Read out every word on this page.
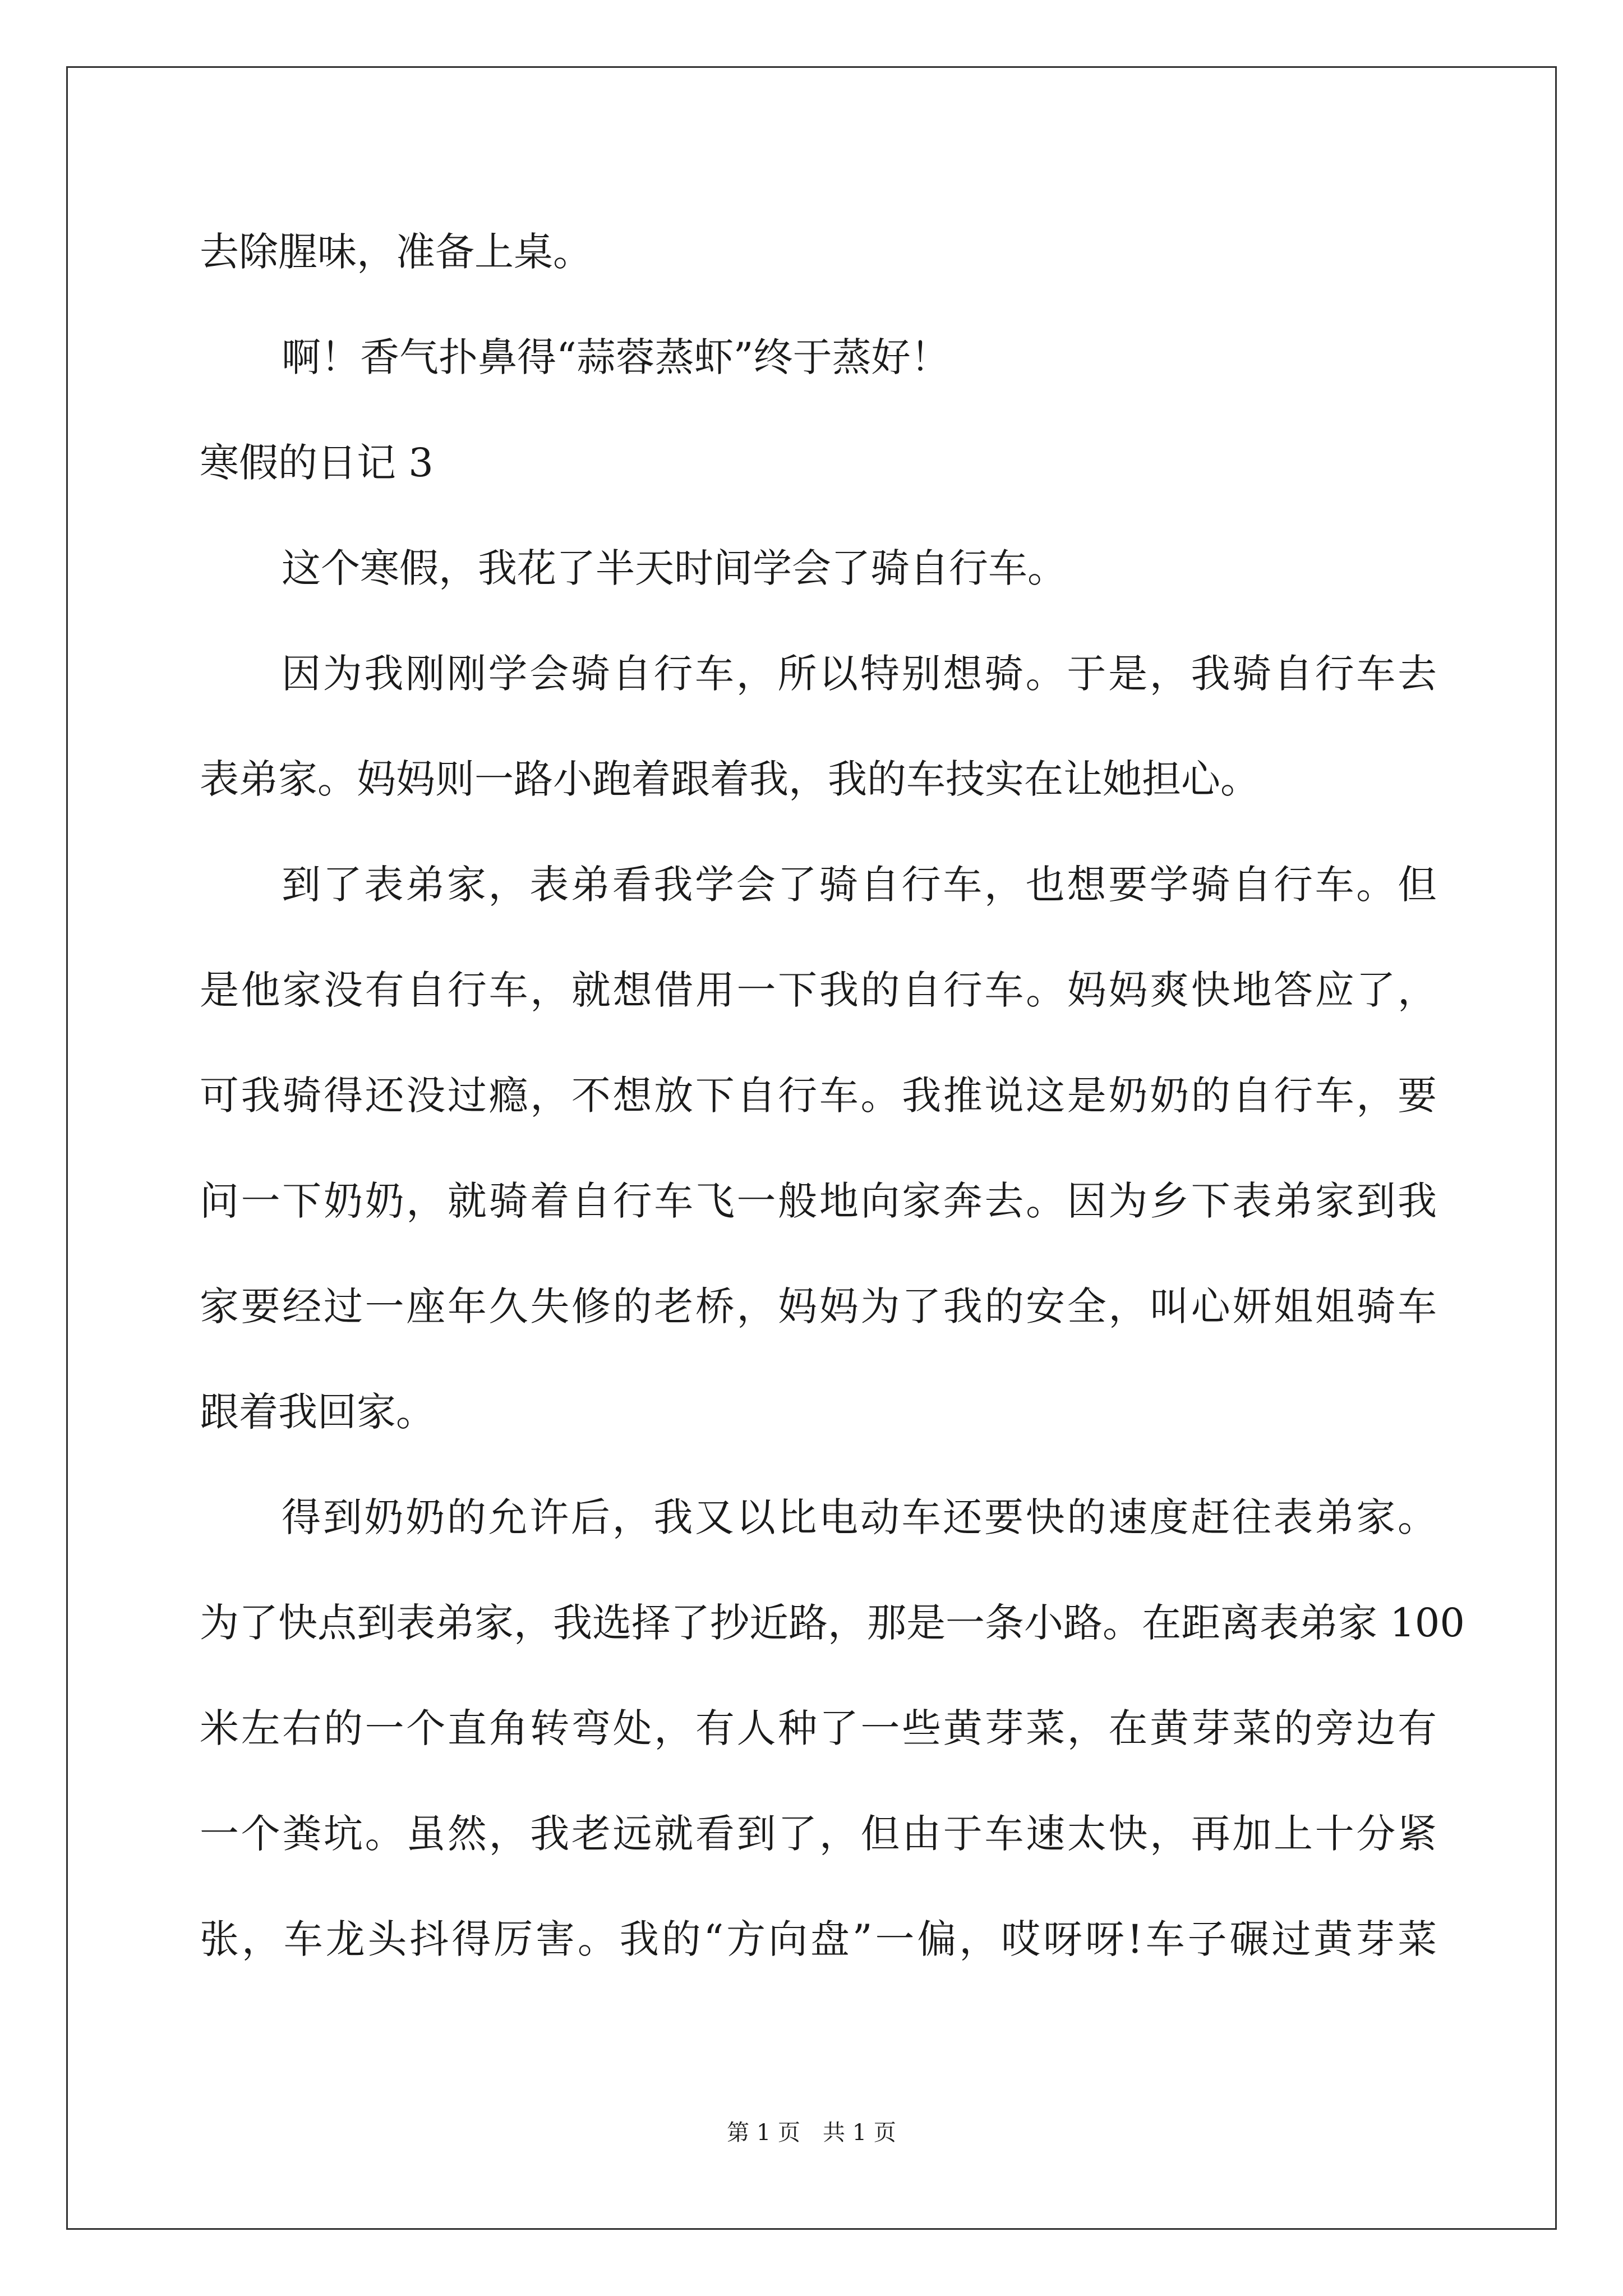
去除腥味，准备上桌。
啊！香气扑鼻得“蒜蓉蒸虾”终于蒸好！
寒假的日记 3
这个寒假，我花了半天时间学会了骑自行车。
因为我刚刚学会骑自行车，所以特别想骑。于是，我骑自行车去
表弟家。妈妈则一路小跑着跟着我，我的车技实在让她担心。
到了表弟家，表弟看我学会了骑自行车，也想要学骑自行车。但
是他家没有自行车，就想借用一下我的自行车。妈妈爽快地答应了，
可我骑得还没过瘾，不想放下自行车。我推说这是奶奶的自行车，要
问一下奶奶，就骑着自行车飞一般地向家奔去。因为乡下表弟家到我
家要经过一座年久失修的老桥，妈妈为了我的安全，叫心妍姐姐骑车
跟着我回家。
得到奶奶的允许后，我又以比电动车还要快的速度赶往表弟家。
为了快点到表弟家，我选择了抄近路，那是一条小路。在距离表弟家 100
米左右的一个直角转弯处，有人种了一些黄芽菜，在黄芽菜的旁边有
一个粪坑。虽然，我老远就看到了，但由于车速太快，再加上十分紧
张，车龙头抖得厉害。我的“方向盘”一偏，哎呀呀!车子碾过黄芽菜
第 1 页　共 1 页
